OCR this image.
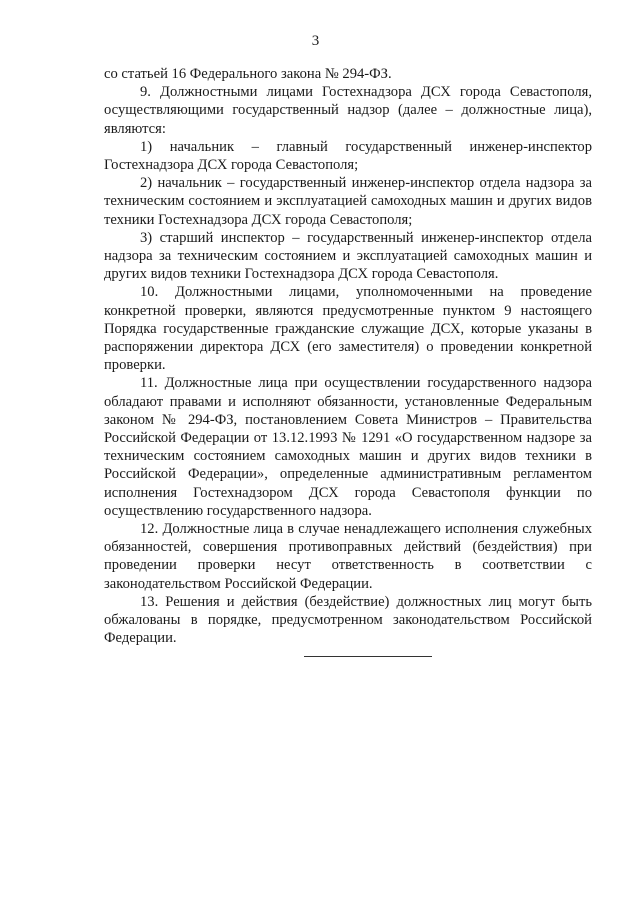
3

со статьей 16 Федерального закона № 294-ФЗ.

9. Должностными лицами Гостехнадзора ДСХ города Севастополя, осуществляющими государственный надзор (далее – должностные лица), являются:

1) начальник – главный государственный инженер-инспектор Гостехнадзора ДСХ города Севастополя;

2) начальник – государственный инженер-инспектор отдела надзора за техническим состоянием и эксплуатацией самоходных машин и других видов техники Гостехнадзора ДСХ города Севастополя;

3) старший инспектор – государственный инженер-инспектор отдела надзора за техническим состоянием и эксплуатацией самоходных машин и других видов техники Гостехнадзора ДСХ города Севастополя.

10. Должностными лицами, уполномоченными на проведение конкретной проверки, являются предусмотренные пунктом 9 настоящего Порядка государственные гражданские служащие ДСХ, которые указаны в распоряжении директора ДСХ (его заместителя) о проведении конкретной проверки.

11. Должностные лица при осуществлении государственного надзора обладают правами и исполняют обязанности, установленные Федеральным законом № 294-ФЗ, постановлением Совета Министров – Правительства Российской Федерации от 13.12.1993 № 1291 «О государственном надзоре за техническим состоянием самоходных машин и других видов техники в Российской Федерации», определенные административным регламентом исполнения Гостехнадзором ДСХ города Севастополя функции по осуществлению государственного надзора.

12. Должностные лица в случае ненадлежащего исполнения служебных обязанностей, совершения противоправных действий (бездействия) при проведении проверки несут ответственность в соответствии с законодательством Российской Федерации.

13. Решения и действия (бездействие) должностных лиц могут быть обжалованы в порядке, предусмотренном законодательством Российской Федерации.
